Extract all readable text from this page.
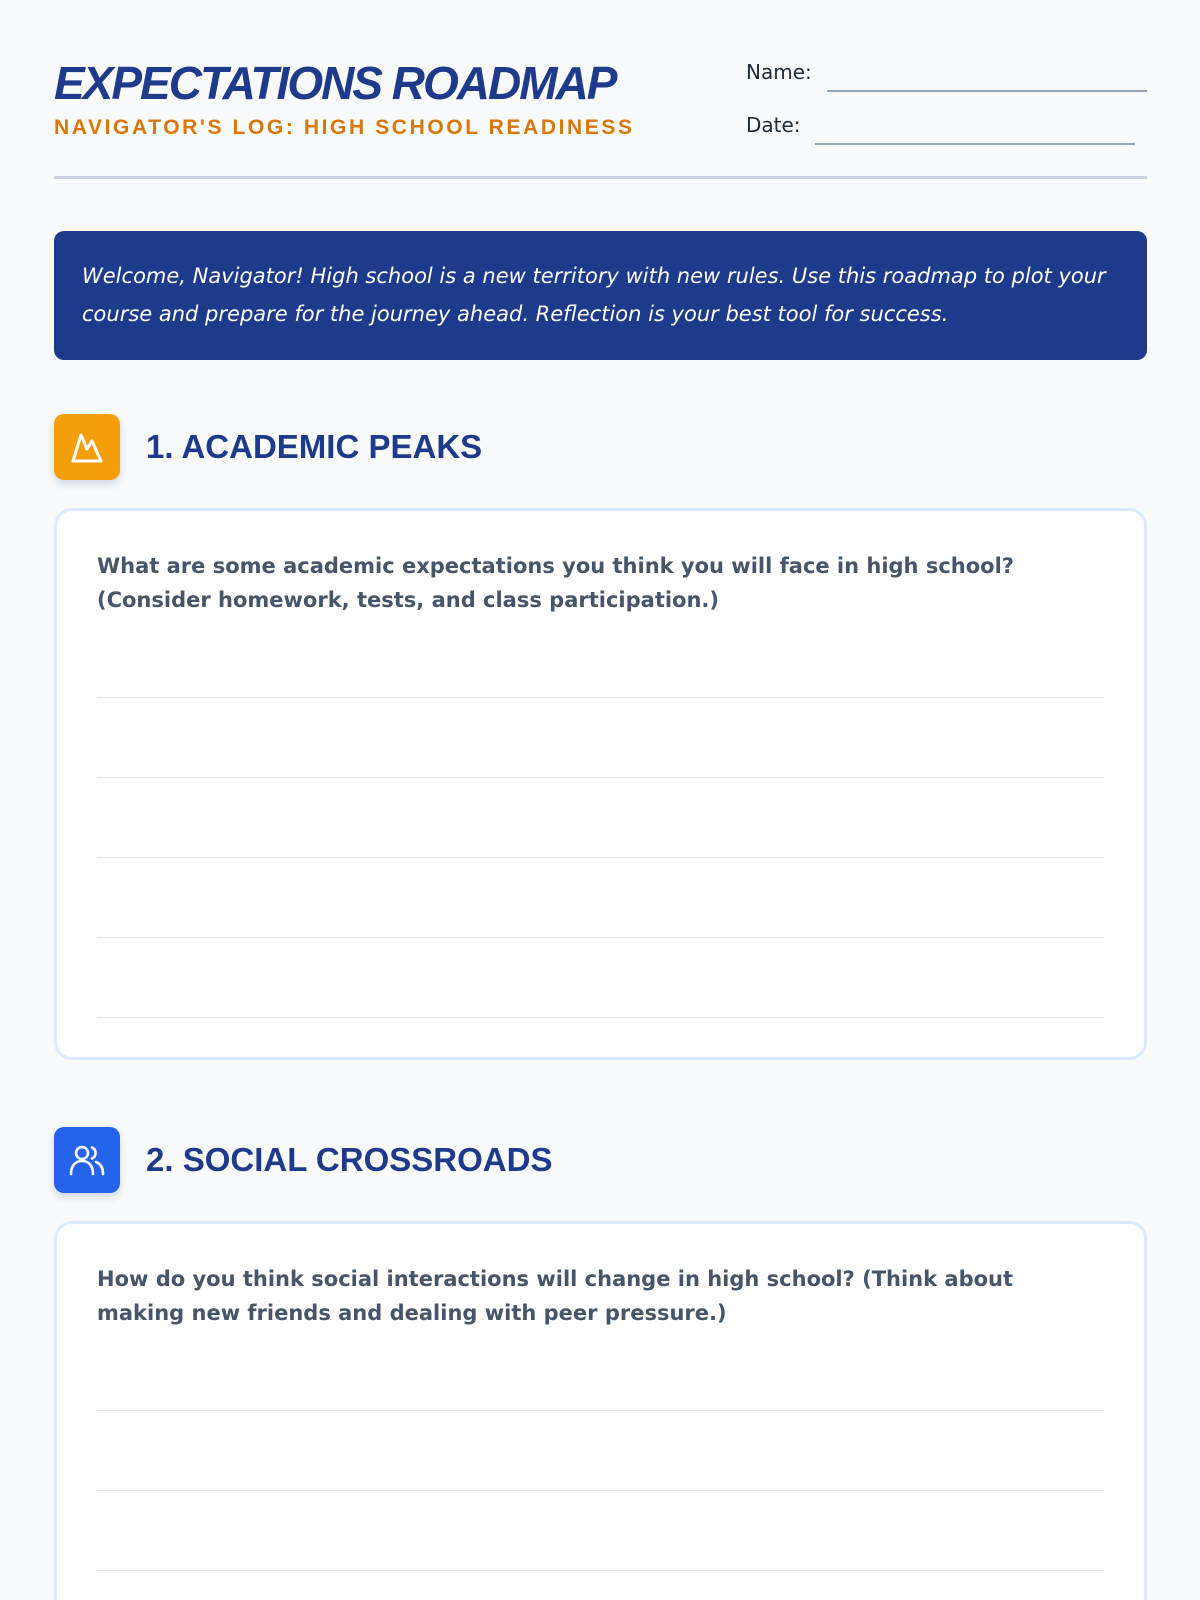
EXPECTATIONS ROADMAP
NAVIGATOR'S LOG: HIGH SCHOOL READINESS
Name:
Date:

Welcome, Navigator! High school is a new territory with new rules. Use this roadmap to plot your course and prepare for the journey ahead. Reflection is your best tool for success.

1. ACADEMIC PEAKS

What are some academic expectations you think you will face in high school? (Consider homework, tests, and class participation.)

2. SOCIAL CROSSROADS

How do you think social interactions will change in high school? (Think about making new friends and dealing with peer pressure.)
